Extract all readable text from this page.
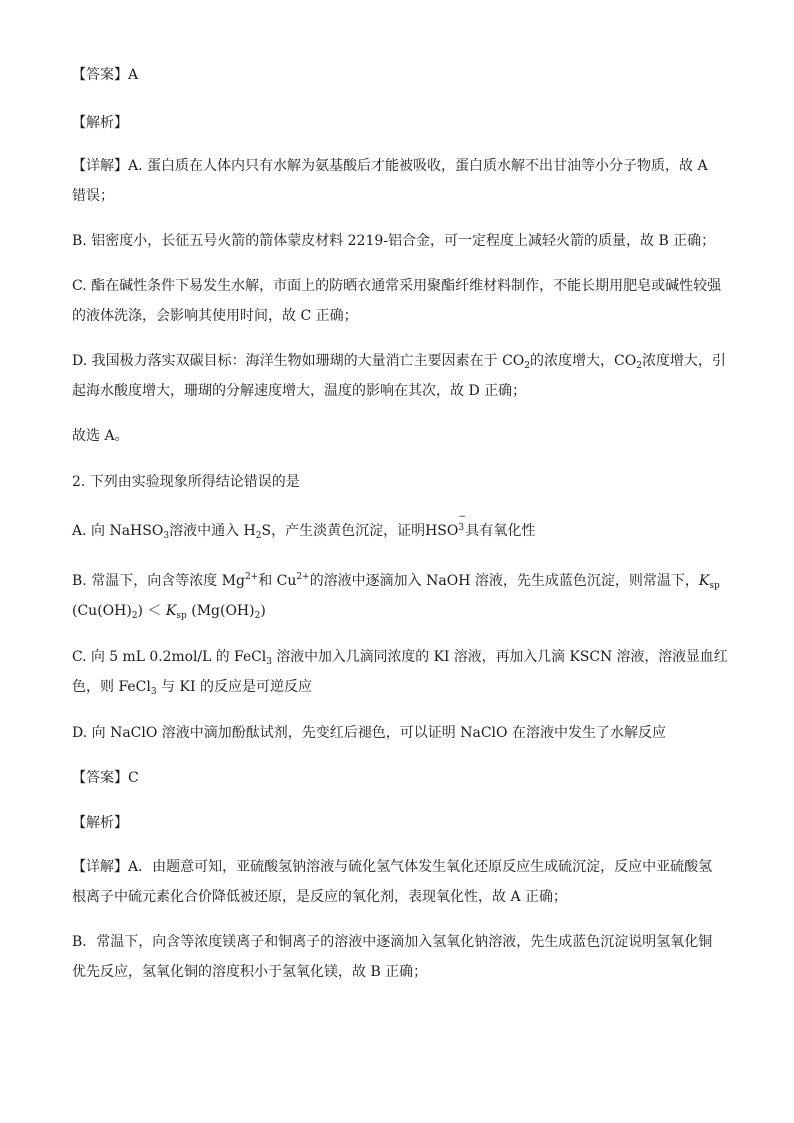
【答案】A
【解析】
【详解】A. 蛋白质在人体内只有水解为氨基酸后才能被吸收，蛋白质水解不出甘油等小分子物质，故 A
错误；
B. 铝密度小，长征五号火箭的箭体蒙皮材料 2219-铝合金，可一定程度上减轻火箭的质量，故 B 正确；
C. 酯在碱性条件下易发生水解，市面上的防晒衣通常采用聚酯纤维材料制作，不能长期用肥皂或碱性较强
的液体洗涤，会影响其使用时间，故 C 正确；
D. 我国极力落实双碳目标：海洋生物如珊瑚的大量消亡主要因素在于 $CO_2$的浓度增大，$CO_2$浓度增大，引
起海水酸度增大，珊瑚的分解速度增大，温度的影响在其次，故 D 正确；
故选 A。
2. 下列由实验现象所得结论错误的是
A. 向 NaHSO$_3$溶液中通入 $H_2S$，产生淡黄色沉淀，证明HSO
−
3 具有氧化性
B. 常温下，向含等浓度 $Mg^{2+}$和 $Cu^{2+}$的溶液中逐滴加入 NaOH 溶液，先生成蓝色沉淀，则常温下，$K_{sp}$
$(Cu(OH)_2) < K_{sp}$ $(Mg(OH)_2)$
C. 向 5 mL 0.2mol/L 的 FeCl$_3$ 溶液中加入几滴同浓度的 KI 溶液，再加入几滴 KSCN 溶液，溶液显血红
色，则 FeCl$_3$ 与 KI 的反应是可逆反应
D. 向 NaClO 溶液中滴加酚酞试剂，先变红后褪色，可以证明 NaClO 在溶液中发生了水解反应
【答案】C
【解析】
【详解】A．由题意可知，亚硫酸氢钠溶液与硫化氢气体发生氧化还原反应生成硫沉淀，反应中亚硫酸氢
根离子中硫元素化合价降低被还原，是反应的氧化剂，表现氧化性，故 A 正确；
B．常温下，向含等浓度镁离子和铜离子的溶液中逐滴加入氢氧化钠溶液，先生成蓝色沉淀说明氢氧化铜
优先反应，氢氧化铜的溶度积小于氢氧化镁，故 B 正确；
